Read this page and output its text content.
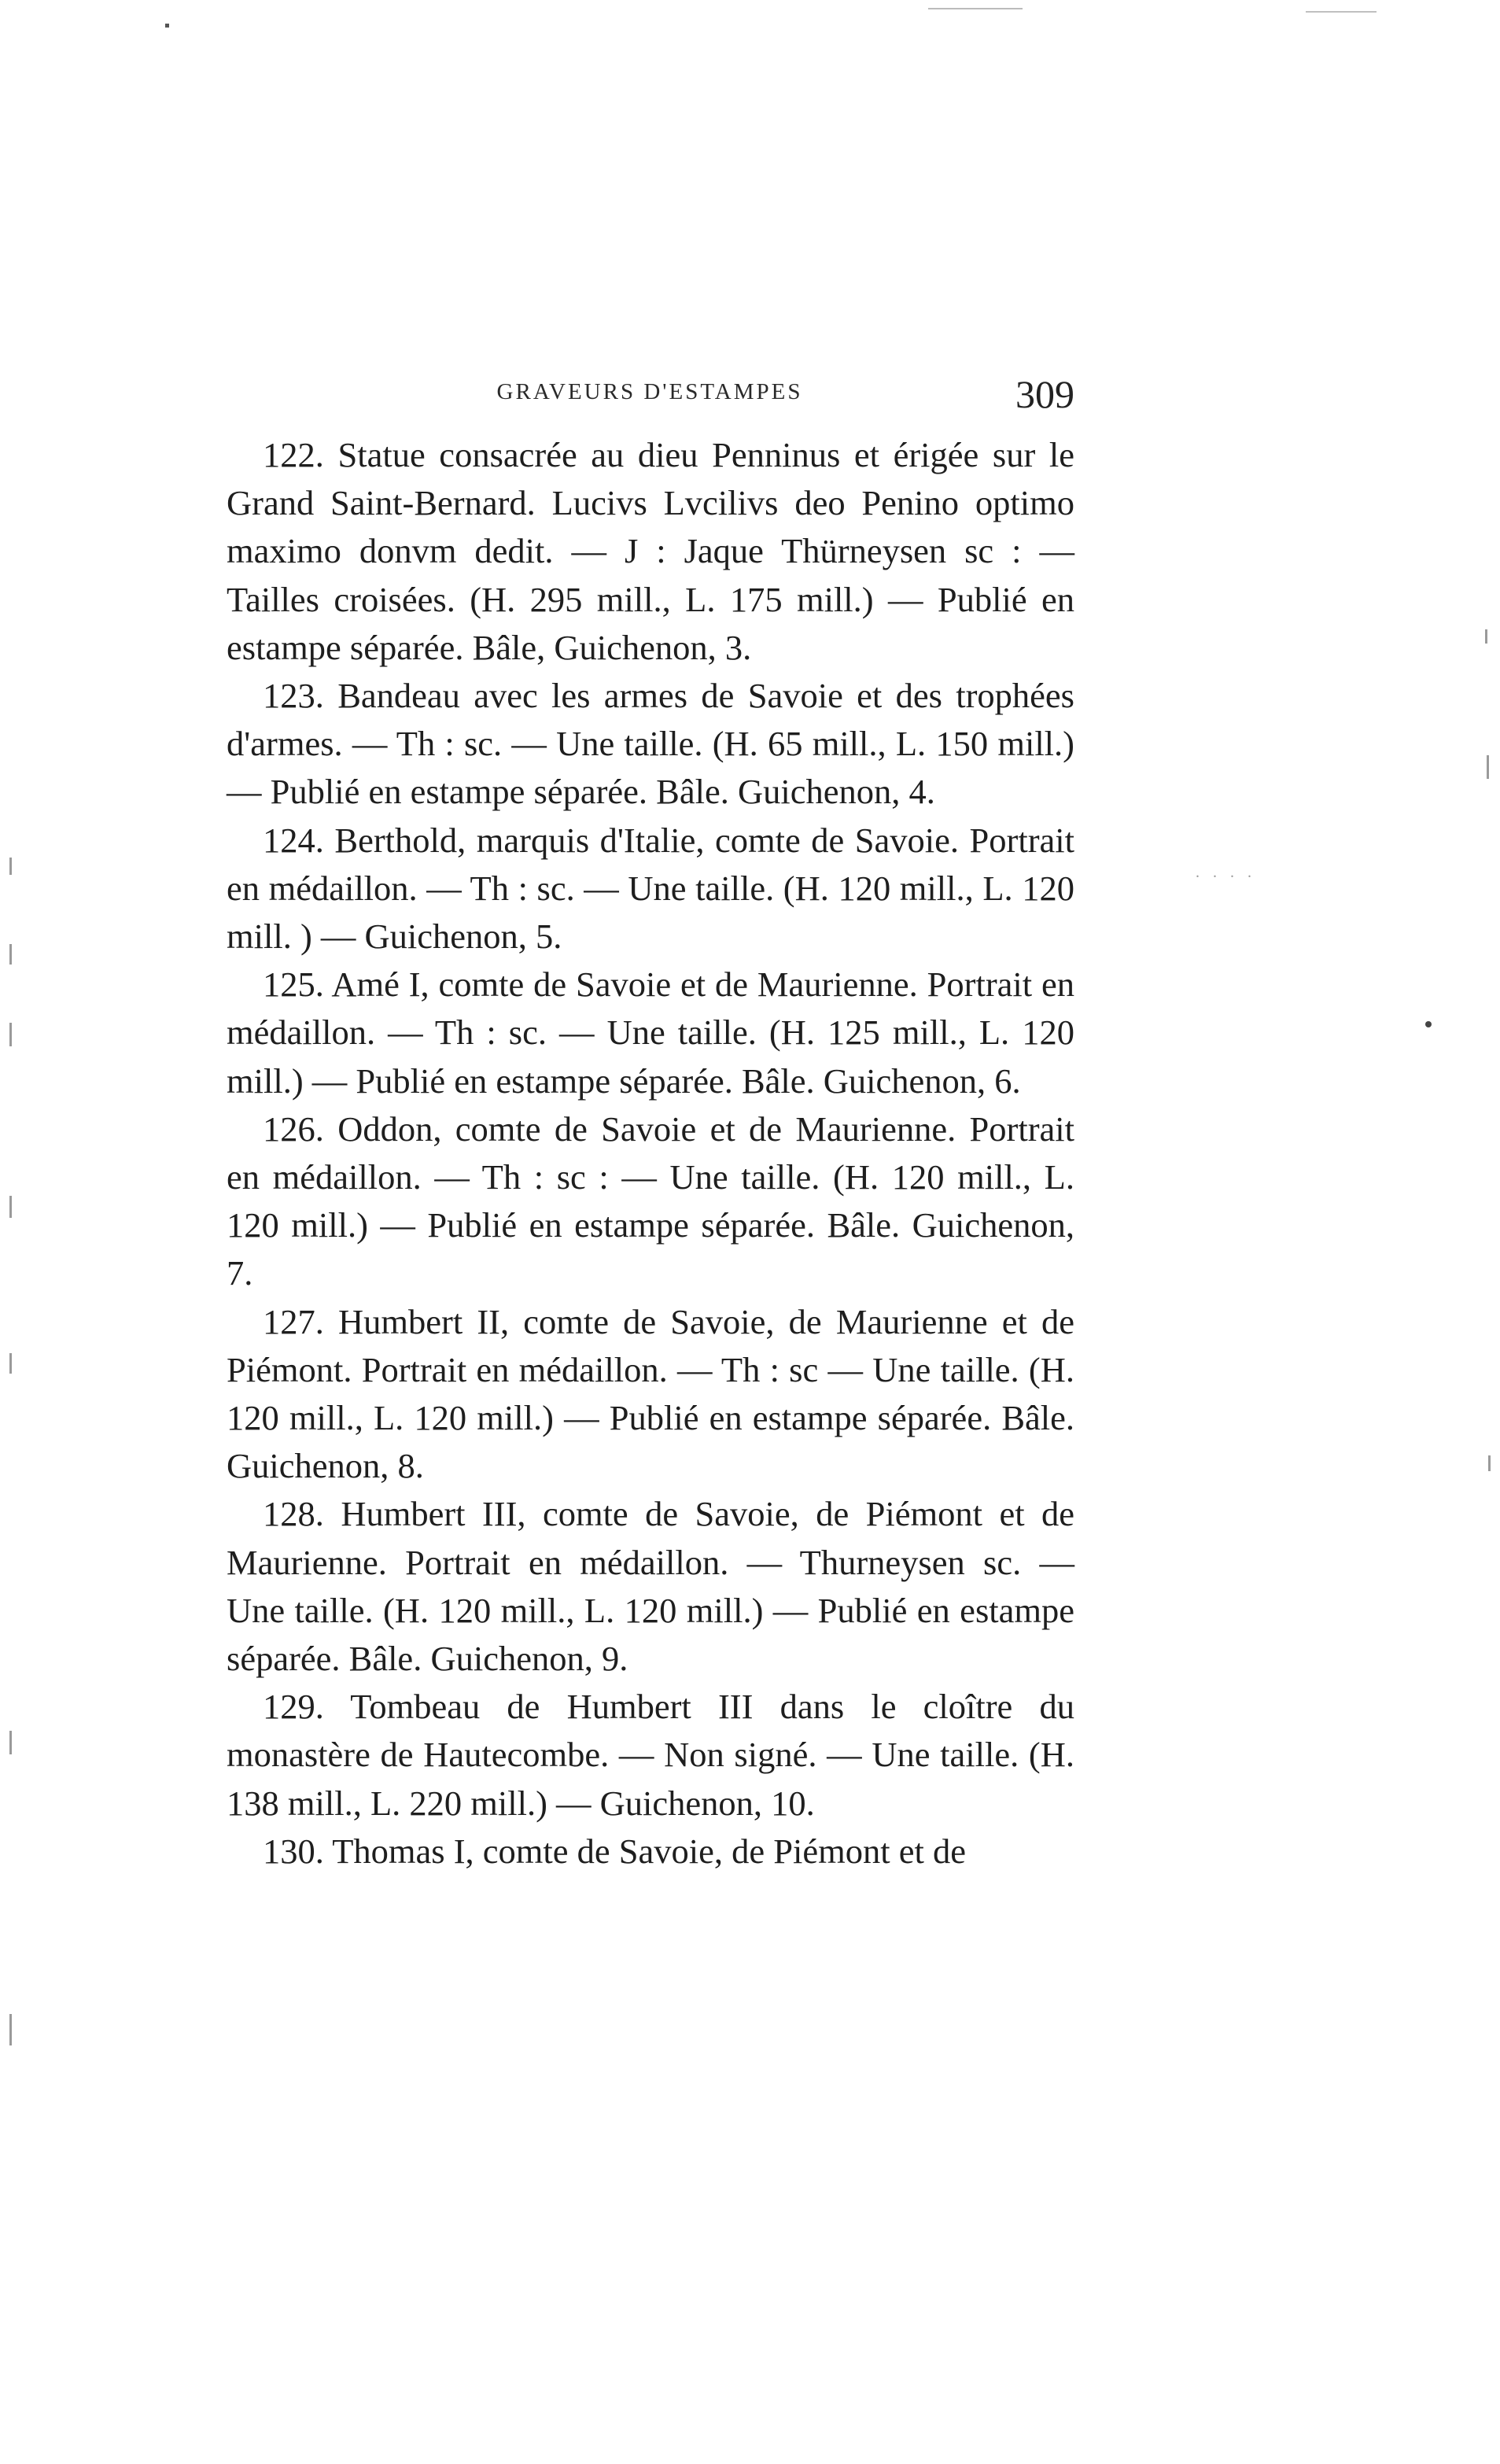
. . . .
GRAVEURS D'ESTAMPES	309

122. Statue consacrée au dieu Penninus et érigée sur le Grand Saint-Bernard. Lucivs Lvcilivs deo Penino optimo maximo donvm dedit. — J : Jaque Thürneysen sc : — Tailles croisées. (H. 295 mill., L. 175 mill.) — Publié en estampe séparée. Bâle, Guichenon, 3.

123. Bandeau avec les armes de Savoie et des trophées d'armes. — Th : sc. — Une taille. (H. 65 mill., L. 150 mill.) — Publié en estampe séparée. Bâle. Guichenon, 4.

124. Berthold, marquis d'Italie, comte de Savoie. Portrait en médaillon. — Th : sc. — Une taille. (H. 120 mill., L. 120 mill. ) — Guichenon, 5.

125. Amé I, comte de Savoie et de Maurienne. Portrait en médaillon. — Th : sc. — Une taille. (H. 125 mill., L. 120 mill.) — Publié en estampe séparée. Bâle. Guichenon, 6.

126. Oddon, comte de Savoie et de Maurienne. Portrait en médaillon. — Th : sc : — Une taille. (H. 120 mill., L. 120 mill.) — Publié en estampe séparée. Bâle. Guichenon, 7.

127. Humbert II, comte de Savoie, de Maurienne et de Piémont. Portrait en médaillon. — Th : sc — Une taille. (H. 120 mill., L. 120 mill.) — Publié en estampe séparée. Bâle. Guichenon, 8.

128. Humbert III, comte de Savoie, de Piémont et de Maurienne. Portrait en médaillon. — Thurneysen sc. — Une taille. (H. 120 mill., L. 120 mill.) — Publié en estampe séparée. Bâle. Guichenon, 9.

129. Tombeau de Humbert III dans le cloître du monastère de Hautecombe. — Non signé. — Une taille. (H. 138 mill., L. 220 mill.) — Guichenon, 10.

130. Thomas I, comte de Savoie, de Piémont et de
